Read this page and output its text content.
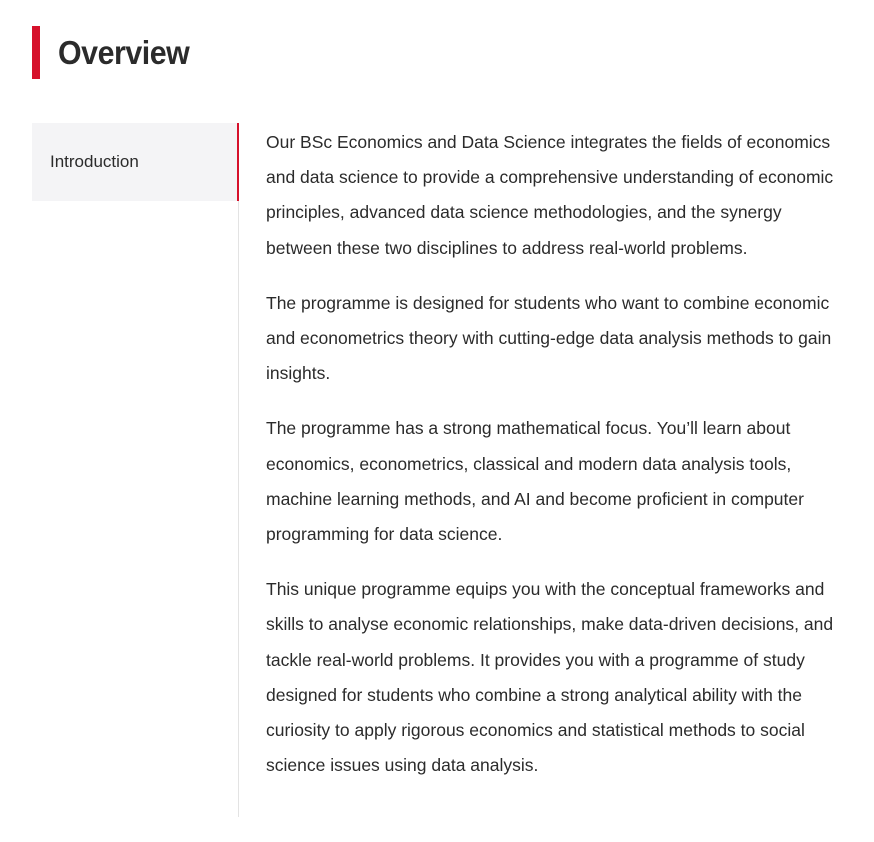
Overview
Introduction

Our BSc Economics and Data Science integrates the fields of economics and data science to provide a comprehensive understanding of economic principles, advanced data science methodologies, and the synergy between these two disciplines to address real-world problems.

The programme is designed for students who want to combine economic and econometrics theory with cutting-edge data analysis methods to gain insights.

The programme has a strong mathematical focus. You’ll learn about economics, econometrics, classical and modern data analysis tools, machine learning methods, and AI and become proficient in computer programming for data science.

This unique programme equips you with the conceptual frameworks and skills to analyse economic relationships, make data-driven decisions, and tackle real-world problems. It provides you with a programme of study designed for students who combine a strong analytical ability with the curiosity to apply rigorous economics and statistical methods to social science issues using data analysis.
